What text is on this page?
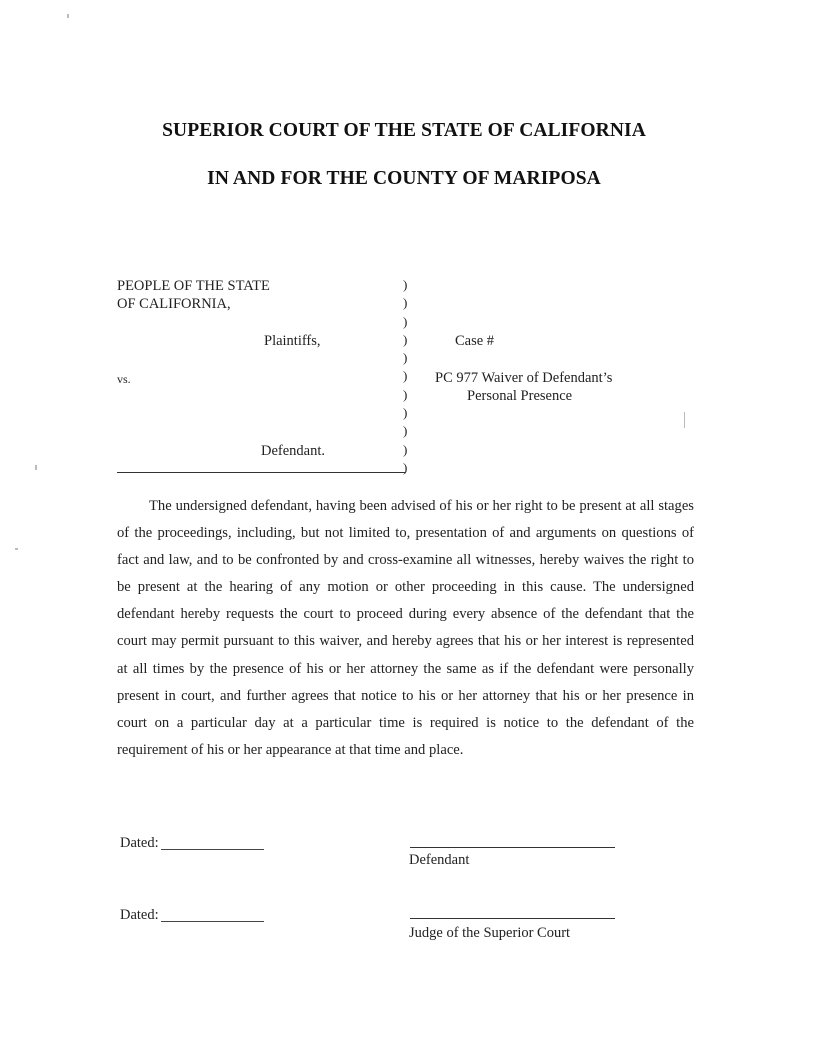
SUPERIOR COURT OF THE STATE OF CALIFORNIA
IN AND FOR THE COUNTY OF MARIPOSA
PEOPLE OF THE STATE
OF CALIFORNIA,
Plaintiffs,
vs.
Defendant.
)
)
)
)
)
)
)
)
)
)
)
Case #
PC 977 Waiver of Defendant’s
Personal Presence
The undersigned defendant, having been advised of his or her right to be present at all stages of the proceedings, including, but not limited to, presentation of and arguments on questions of fact and law, and to be confronted by and cross-examine all witnesses, hereby waives the right to be present at the hearing of any motion or other proceeding in this cause. The undersigned defendant hereby requests the court to proceed during every absence of the defendant that the court may permit pursuant to this waiver, and hereby agrees that his or her interest is represented at all times by the presence of his or her attorney the same as if the defendant were personally present in court, and further agrees that notice to his or her attorney that his or her presence in court on a particular day at a particular time is required is notice to the defendant of the requirement of his or her appearance at that time and place.
Dated:
Defendant
Dated:
Judge of the Superior Court
